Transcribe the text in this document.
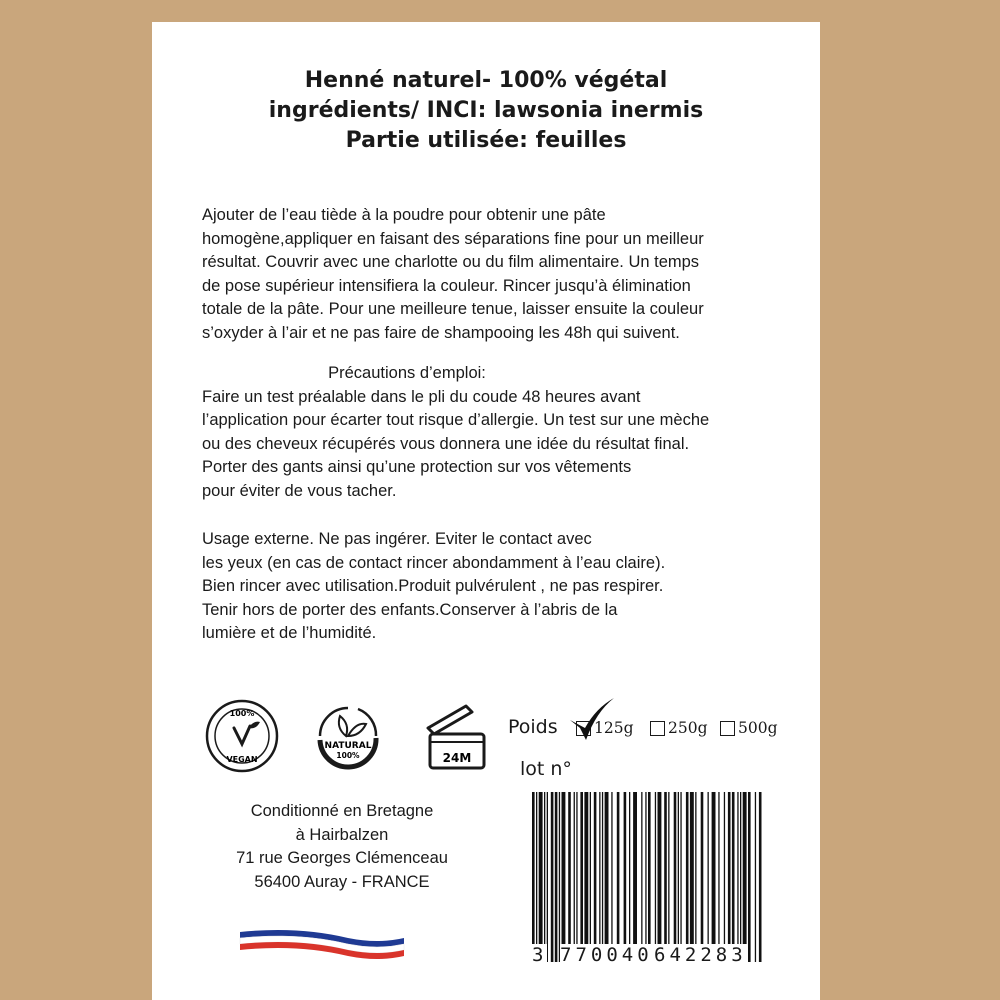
Henné naturel- 100% végétal
ingrédients/ INCI: lawsonia inermis
Partie utilisée: feuilles
Ajouter de l’eau tiède à la poudre pour obtenir une pâte
homogène,appliquer en faisant des séparations fine pour un meilleur
résultat. Couvrir avec une charlotte ou du film alimentaire. Un temps
de pose supérieur intensifiera la couleur. Rincer jusqu’à élimination
totale de la pâte. Pour une meilleure tenue, laisser ensuite la couleur
s’oxyder à l’air et ne pas faire de shampooing les 48h qui suivent.
Précautions d’emploi:
Faire un test préalable dans le pli du coude 48 heures avant
l’application pour écarter tout risque d’allergie. Un test sur une mèche
ou des cheveux récupérés vous donnera une idée du résultat final.
Porter des gants ainsi qu’une protection sur vos vêtements
pour éviter de vous tacher.
Usage externe. Ne pas ingérer. Eviter le contact avec
les yeux (en cas de contact rincer abondamment à l’eau claire).
Bien rincer avec utilisation.Produit pulvérulent , ne pas respirer.
Tenir hors de porter des enfants.Conserver à l’abris de la
lumière et de l’humidité.
100%
VEGAN
NATURAL
100%	24M
Poids	125g	250g	500g
lot n°
Conditionné en Bretagne
à Hairbalzen
71 rue Georges Clémenceau
56400 Auray - FRANCE
3 770040 642283
